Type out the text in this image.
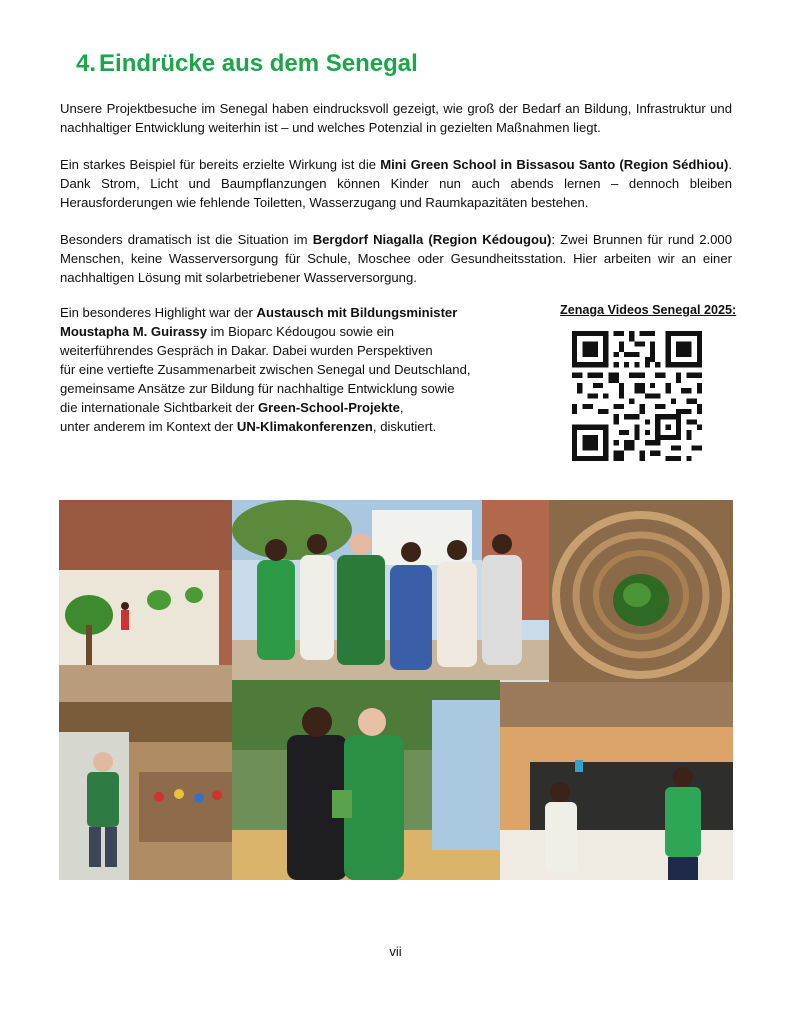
4. Eindrücke aus dem Senegal

Unsere Projektbesuche im Senegal haben eindrucksvoll gezeigt, wie groß der Bedarf an Bildung, Infrastruktur und nachhaltiger Entwicklung weiterhin ist – und welches Potenzial in gezielten Maßnahmen liegt.

Ein starkes Beispiel für bereits erzielte Wirkung ist die Mini Green School in Bissasou Santo (Region Sédhiou). Dank Strom, Licht und Baumpflanzungen können Kinder nun auch abends lernen – dennoch bleiben Herausforderungen wie fehlende Toiletten, Wasserzugang und Raumkapazitäten bestehen.

Besonders dramatisch ist die Situation im Bergdorf Niagalla (Region Kédougou): Zwei Brunnen für rund 2.000 Menschen, keine Wasserversorgung für Schule, Moschee oder Gesundheitsstation. Hier arbeiten wir an einer nachhaltigen Lösung mit solarbetriebener Wasserversorgung.

Ein besonderes Highlight war der Austausch mit Bildungsminister
Moustapha M. Guirassy im Bioparc Kédougou sowie ein
weiterführendes Gespräch in Dakar. Dabei wurden Perspektiven
für eine vertiefte Zusammenarbeit zwischen Senegal und Deutschland,
gemeinsame Ansätze zur Bildung für nachhaltige Entwicklung sowie
die internationale Sichtbarkeit der Green-School-Projekte,
unter anderem im Kontext der UN-Klimakonferenzen, diskutiert.

Zenaga Videos Senegal 2025:

vii
